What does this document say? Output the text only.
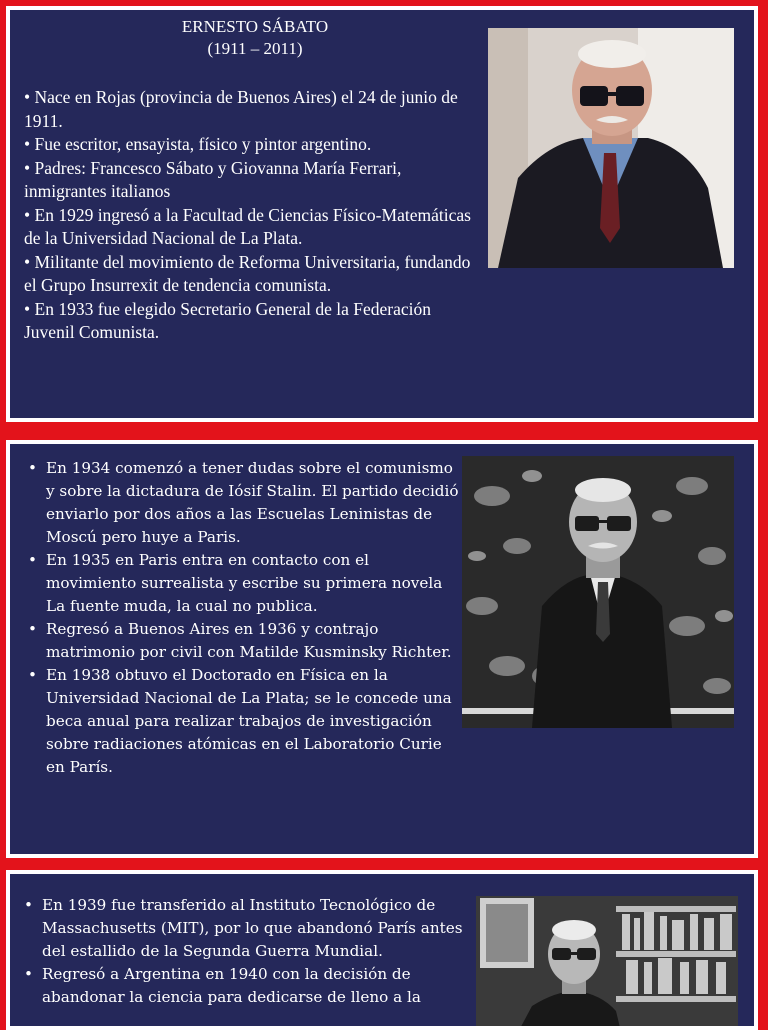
ERNESTO SÁBATO
(1911 – 2011)

• Nace en Rojas (provincia de Buenos Aires) el 24 de junio de 1911.

• Fue escritor, ensayista, físico y pintor argentino.

• Padres: Francesco Sábato y Giovanna María Ferrari, inmigrantes italianos

• En 1929 ingresó a la Facultad de Ciencias Físico-Matemáticas de la Universidad Nacional de La Plata.

• Militante del movimiento de Reforma Universitaria, fundando el Grupo Insurrexit de tendencia comunista.

• En 1933 fue elegido Secretario General de la Federación Juvenil Comunista.

• En 1934 comenzó a tener dudas sobre el comunismo y sobre la dictadura de Iósif Stalin. El partido decidió enviarlo por dos años a las Escuelas Leninistas de Moscú pero huye a Paris.
• En 1935 en Paris entra en contacto con el movimiento surrealista y escribe su primera novela La fuente muda, la cual no publica.
• Regresó a Buenos Aires en 1936 y contrajo matrimonio por civil con Matilde Kusminsky Richter.
• En 1938 obtuvo el Doctorado en Física en la Universidad Nacional de La Plata; se le concede una beca anual para realizar trabajos de investigación sobre radiaciones atómicas en el Laboratorio Curie en París.
• En 1939 fue transferido al Instituto Tecnológico de Massachusetts (MIT), por lo que abandonó París antes del estallido de la Segunda Guerra Mundial.
• Regresó a Argentina en 1940 con la decisión de abandonar la ciencia para dedicarse de lleno a la
